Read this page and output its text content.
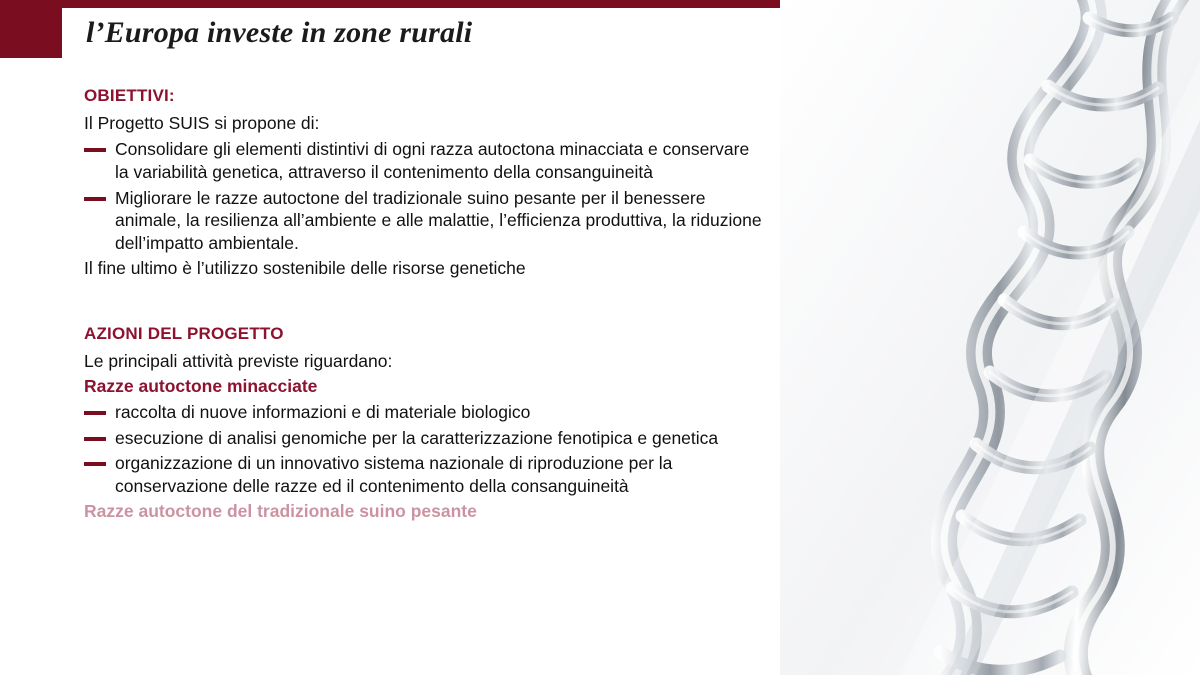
l’Europa investe in zone rurali
OBIETTIVI:

Il Progetto SUIS si propone di:

Consolidare gli elementi distintivi di ogni razza autoctona minacciata e conservare la variabilità genetica, attraverso il contenimento della consanguineità
Migliorare le razze autoctone del tradizionale suino pesante per il benessere animale, la resilienza all’ambiente e alle malattie, l’efficienza produttiva, la riduzione dell’impatto ambientale.

Il fine ultimo è l’utilizzo sostenibile delle risorse genetiche

AZIONI DEL PROGETTO

Le principali attività previste riguardano:

Razze autoctone minacciate
raccolta di nuove informazioni e di materiale biologico
esecuzione di analisi genomiche per la caratterizzazione fenotipica e genetica
organizzazione di un innovativo sistema nazionale di riproduzione per la conservazione delle razze ed il contenimento della consanguineità
Razze autoctone del tradizionale suino pesante
